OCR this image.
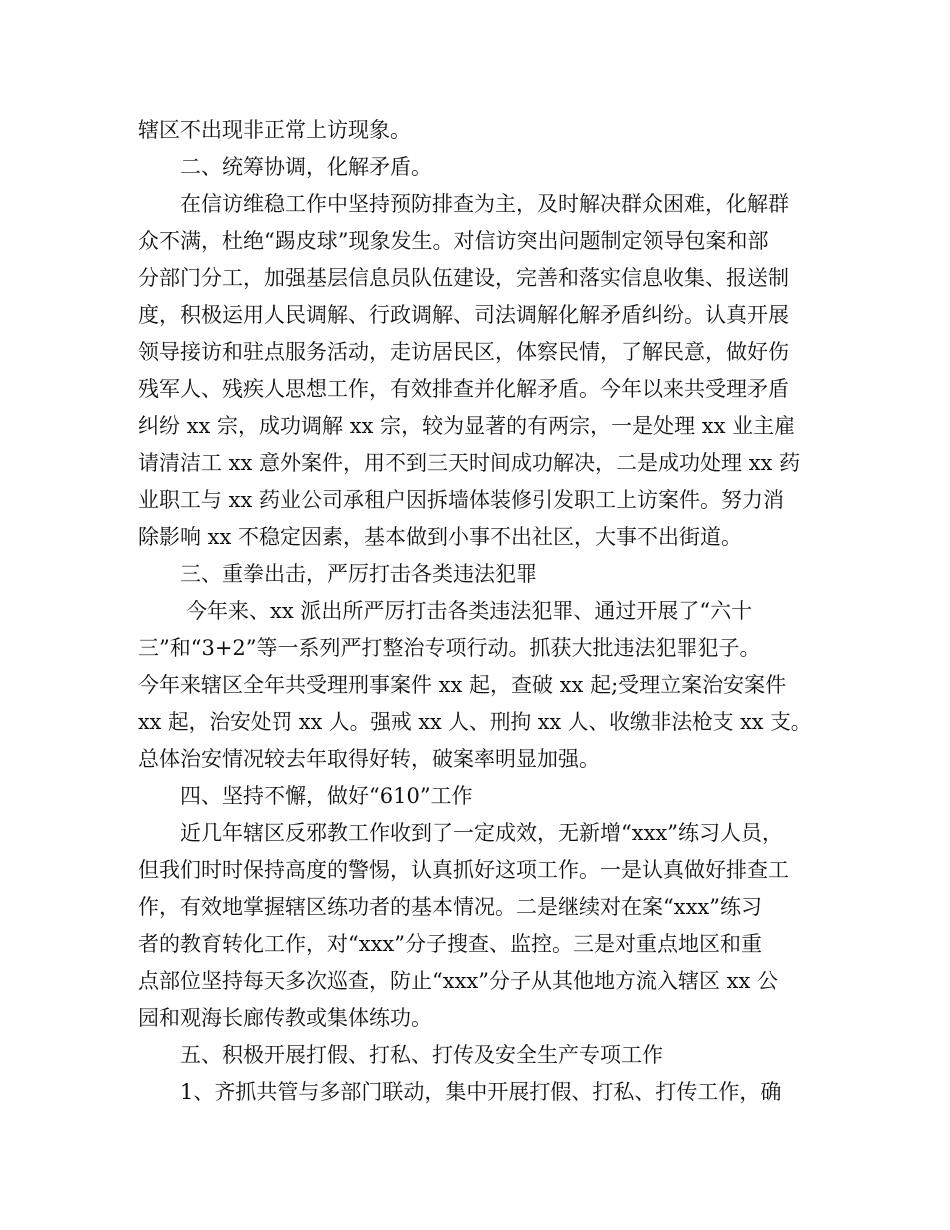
辖区不出现非正常上访现象。
二、统筹协调，化解矛盾。
在信访维稳工作中坚持预防排查为主，及时解决群众困难，化解群
众不满，杜绝“踢皮球”现象发生。对信访突出问题制定领导包案和部
分部门分工，加强基层信息员队伍建设，完善和落实信息收集、报送制
度，积极运用人民调解、行政调解、司法调解化解矛盾纠纷。认真开展
领导接访和驻点服务活动，走访居民区，体察民情，了解民意，做好伤
残军人、残疾人思想工作，有效排查并化解矛盾。今年以来共受理矛盾
纠纷 xx 宗，成功调解 xx 宗，较为显著的有两宗，一是处理 xx 业主雇
请清洁工 xx 意外案件，用不到三天时间成功解决，二是成功处理 xx 药
业职工与 xx 药业公司承租户因拆墙体装修引发职工上访案件。努力消
除影响 xx 不稳定因素，基本做到小事不出社区，大事不出街道。
三、重拳出击，严厉打击各类违法犯罪
今年来、xx 派出所严厉打击各类违法犯罪、通过开展了“六十
三”和“3+2”等一系列严打整治专项行动。抓获大批违法犯罪犯子。
今年来辖区全年共受理刑事案件 xx 起，查破 xx 起;受理立案治安案件
xx 起，治安处罚 xx 人。强戒 xx 人、刑拘 xx 人、收缴非法枪支 xx 支。
总体治安情况较去年取得好转，破案率明显加强。
四、坚持不懈，做好“610”工作
近几年辖区反邪教工作收到了一定成效，无新增“xxx”练习人员，
但我们时时保持高度的警惕，认真抓好这项工作。一是认真做好排查工
作，有效地掌握辖区练功者的基本情况。二是继续对在案“xxx”练习
者的教育转化工作，对“xxx”分子搜查、监控。三是对重点地区和重
点部位坚持每天多次巡查，防止“xxx”分子从其他地方流入辖区 xx 公
园和观海长廊传教或集体练功。
五、积极开展打假、打私、打传及安全生产专项工作
1、齐抓共管与多部门联动，集中开展打假、打私、打传工作，确
